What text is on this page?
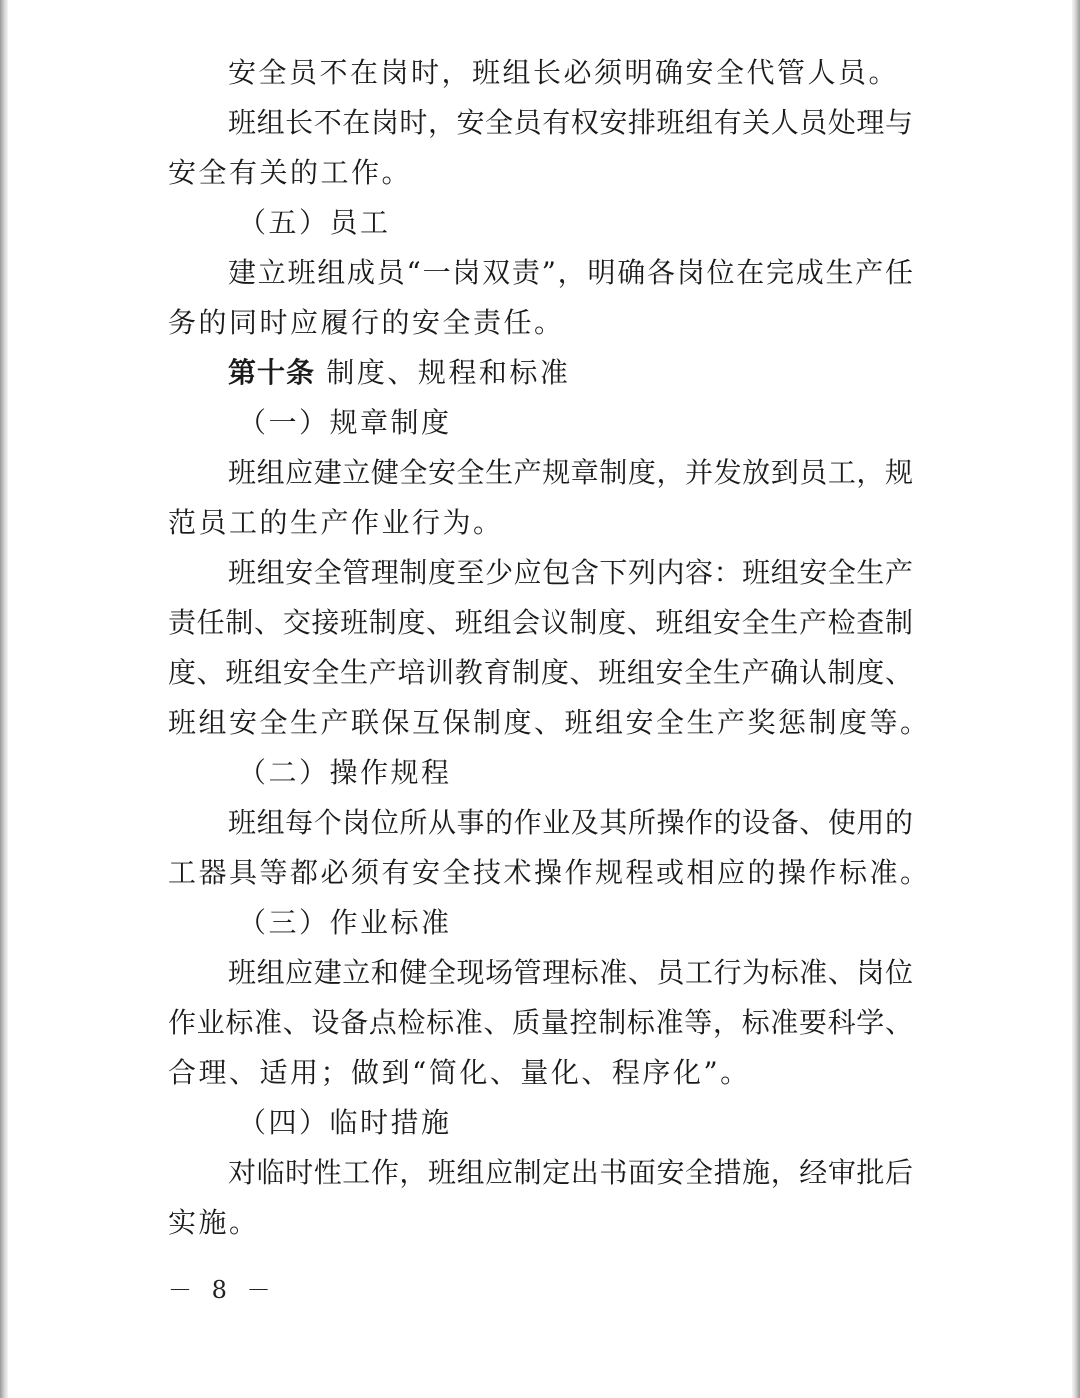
安全员不在岗时，班组长必须明确安全代管人员。
班组长不在岗时，安全员有权安排班组有关人员处理与
安全有关的工作。
（五）员工
建立班组成员“一岗双责”，明确各岗位在完成生产任
务的同时应履行的安全责任。
第十条 制度、规程和标准
（一）规章制度
班组应建立健全安全生产规章制度，并发放到员工，规
范员工的生产作业行为。
班组安全管理制度至少应包含下列内容：班组安全生产
责任制、交接班制度、班组会议制度、班组安全生产检查制
度、班组安全生产培训教育制度、班组安全生产确认制度、
班组安全生产联保互保制度、班组安全生产奖惩制度等。
（二）操作规程
班组每个岗位所从事的作业及其所操作的设备、使用的
工器具等都必须有安全技术操作规程或相应的操作标准。
（三）作业标准
班组应建立和健全现场管理标准、员工行为标准、岗位
作业标准、设备点检标准、质量控制标准等，标准要科学、
合理、适用；做到“简化、量化、程序化”。
（四）临时措施
对临时性工作，班组应制定出书面安全措施，经审批后
实施。
－ 8 －
